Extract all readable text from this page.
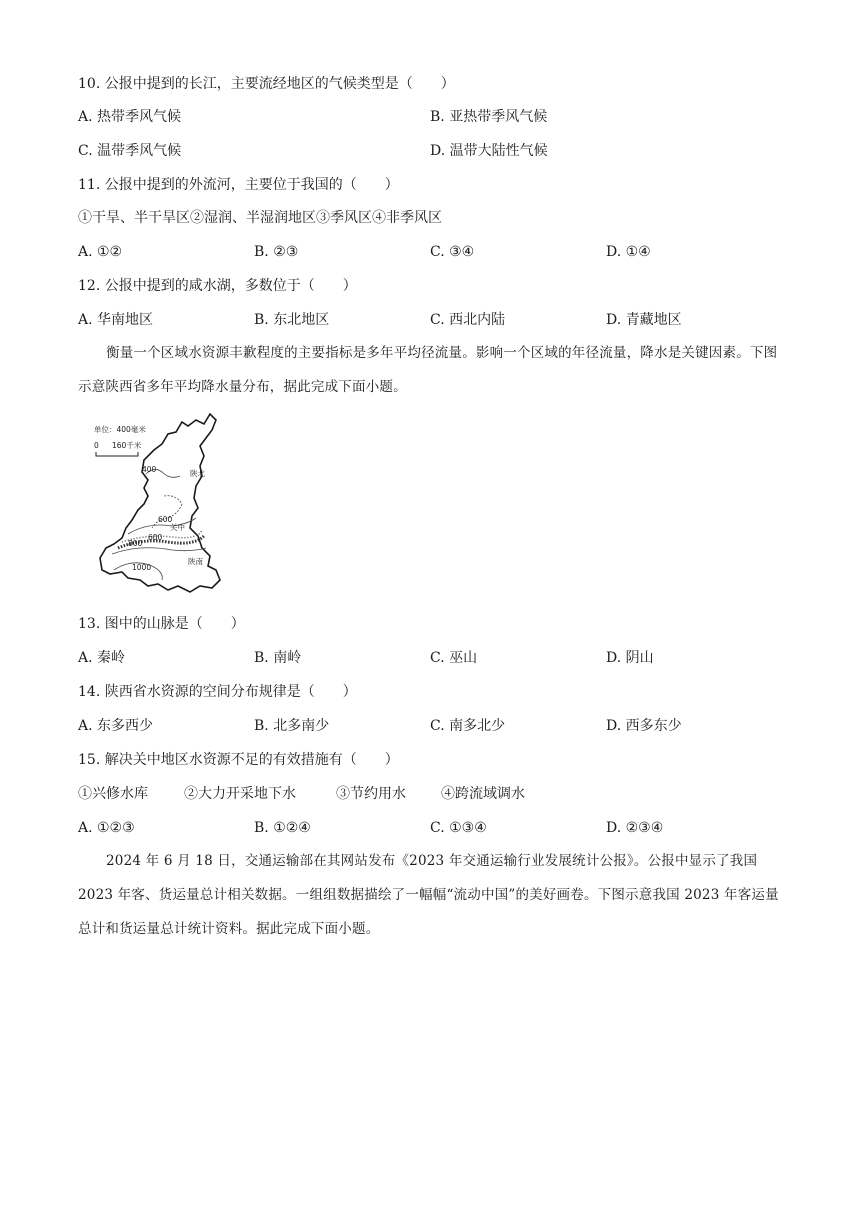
10. 公报中提到的长江，主要流经地区的气候类型是（　　）
A. 热带季风气候	B. 亚热带季风气候
C. 温带季风气候	D. 温带大陆性气候
11. 公报中提到的外流河，主要位于我国的（　　）
①干旱、半干旱区②湿润、半湿润地区③季风区④非季风区
A. ①②	B. ②③	C. ③④	D. ①④
12. 公报中提到的咸水湖，多数位于（　　）
A. 华南地区	B. 东北地区	C. 西北内陆	D. 青藏地区
衡量一个区域水资源丰歉程度的主要指标是多年平均径流量。影响一个区域的年径流量，降水是关键因素。下图示意陕西省多年平均降水量分布，据此完成下面小题。
单位：400毫米
0 160千米
400	陕北
600
关中
600
800
陕南
1000
13. 图中的山脉是（　　）
A. 秦岭	B. 南岭	C. 巫山	D. 阴山
14. 陕西省水资源的空间分布规律是（　　）
A. 东多西少	B. 北多南少	C. 南多北少	D. 西多东少
15. 解决关中地区水资源不足的有效措施有（　　）
①兴修水库	②大力开采地下水	③节约用水	④跨流域调水
A. ①②③	B. ①②④	C. ①③④	D. ②③④
2024 年 6 月 18 日，交通运输部在其网站发布《2023 年交通运输行业发展统计公报》。公报中显示了我国 2023 年客、货运量总计相关数据。一组组数据描绘了一幅幅“流动中国”的美好画卷。下图示意我国 2023 年客运量总计和货运量总计统计资料。据此完成下面小题。
